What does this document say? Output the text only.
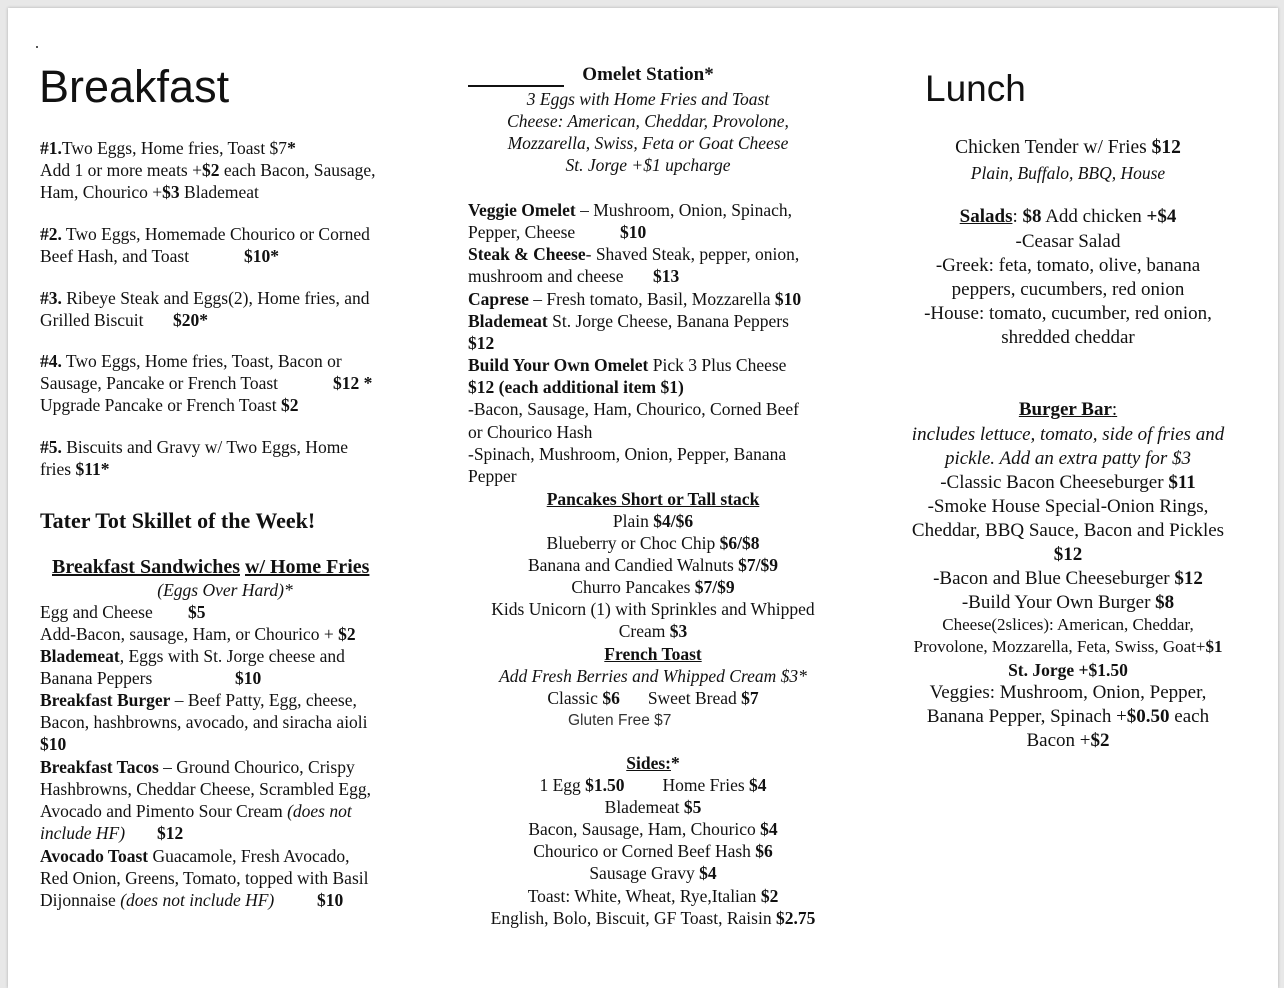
Breakfast
#1.Two Eggs, Home fries, Toast $7*
Add 1 or more meats +$2 each Bacon, Sausage,
Ham, Chourico +$3 Blademeat
#2. Two Eggs, Homemade Chourico or Corned
Beef Hash, and Toast	$10*
#3. Ribeye Steak and Eggs(2), Home fries, and
Grilled Biscuit $20*
#4. Two Eggs, Home fries, Toast, Bacon or
Sausage, Pancake or French Toast	$12 *
Upgrade Pancake or French Toast $2
#5. Biscuits and Gravy w/ Two Eggs, Home
fries $11*
Tater Tot Skillet of the Week!
Breakfast Sandwiches w/ Home Fries
(Eggs Over Hard)*
Egg and Cheese $5
Add-Bacon, sausage, Ham, or Chourico + $2
Blademeat, Eggs with St. Jorge cheese and
Banana Peppers	$10
Breakfast Burger – Beef Patty, Egg, cheese,
Bacon, hashbrowns, avocado, and siracha aioli
$10
Breakfast Tacos – Ground Chourico, Crispy
Hashbrowns, Cheddar Cheese, Scrambled Egg,
Avocado and Pimento Sour Cream (does not
include HF) $12
Avocado Toast Guacamole, Fresh Avocado,
Red Onion, Greens, Tomato, topped with Basil
Dijonnaise (does not include HF) $10
Omelet Station*
3 Eggs with Home Fries and Toast
Cheese: American, Cheddar, Provolone,
Mozzarella, Swiss, Feta or Goat Cheese
St. Jorge +$1 upcharge
Veggie Omelet – Mushroom, Onion, Spinach,
Pepper, Cheese	$10
Steak & Cheese- Shaved Steak, pepper, onion,
mushroom and cheese $13
Caprese – Fresh tomato, Basil, Mozzarella $10
Blademeat St. Jorge Cheese, Banana Peppers
$12
Build Your Own Omelet Pick 3 Plus Cheese
$12 (each additional item $1)
-Bacon, Sausage, Ham, Chourico, Corned Beef
or Chourico Hash
-Spinach, Mushroom, Onion, Pepper, Banana
Pepper
Pancakes Short or Tall stack
Plain $4/$6
Blueberry or Choc Chip $6/$8
Banana and Candied Walnuts $7/$9
Churro Pancakes $7/$9
Kids Unicorn (1) with Sprinkles and Whipped
Cream $3
French Toast
Add Fresh Berries and Whipped Cream $3*
Classic $6 Sweet Bread $7
Gluten Free $7
Sides:*
1 Egg $1.50 Home Fries $4
Blademeat $5
Bacon, Sausage, Ham, Chourico $4
Chourico or Corned Beef Hash $6
Sausage Gravy $4
Toast: White, Wheat, Rye,Italian $2
English, Bolo, Biscuit, GF Toast, Raisin $2.75
Lunch
Chicken Tender w/ Fries $12
Plain, Buffalo, BBQ, House
Salads: $8 Add chicken +$4
-Ceasar Salad
-Greek: feta, tomato, olive, banana
peppers, cucumbers, red onion
-House: tomato, cucumber, red onion,
shredded cheddar
Burger Bar:
includes lettuce, tomato, side of fries and
pickle. Add an extra patty for $3
-Classic Bacon Cheeseburger $11
-Smoke House Special-Onion Rings,
Cheddar, BBQ Sauce, Bacon and Pickles
$12
-Bacon and Blue Cheeseburger $12
-Build Your Own Burger $8
Cheese(2slices): American, Cheddar,
Provolone, Mozzarella, Feta, Swiss, Goat+$1
St. Jorge +$1.50
Veggies: Mushroom, Onion, Pepper,
Banana Pepper, Spinach +$0.50 each
Bacon +$2
